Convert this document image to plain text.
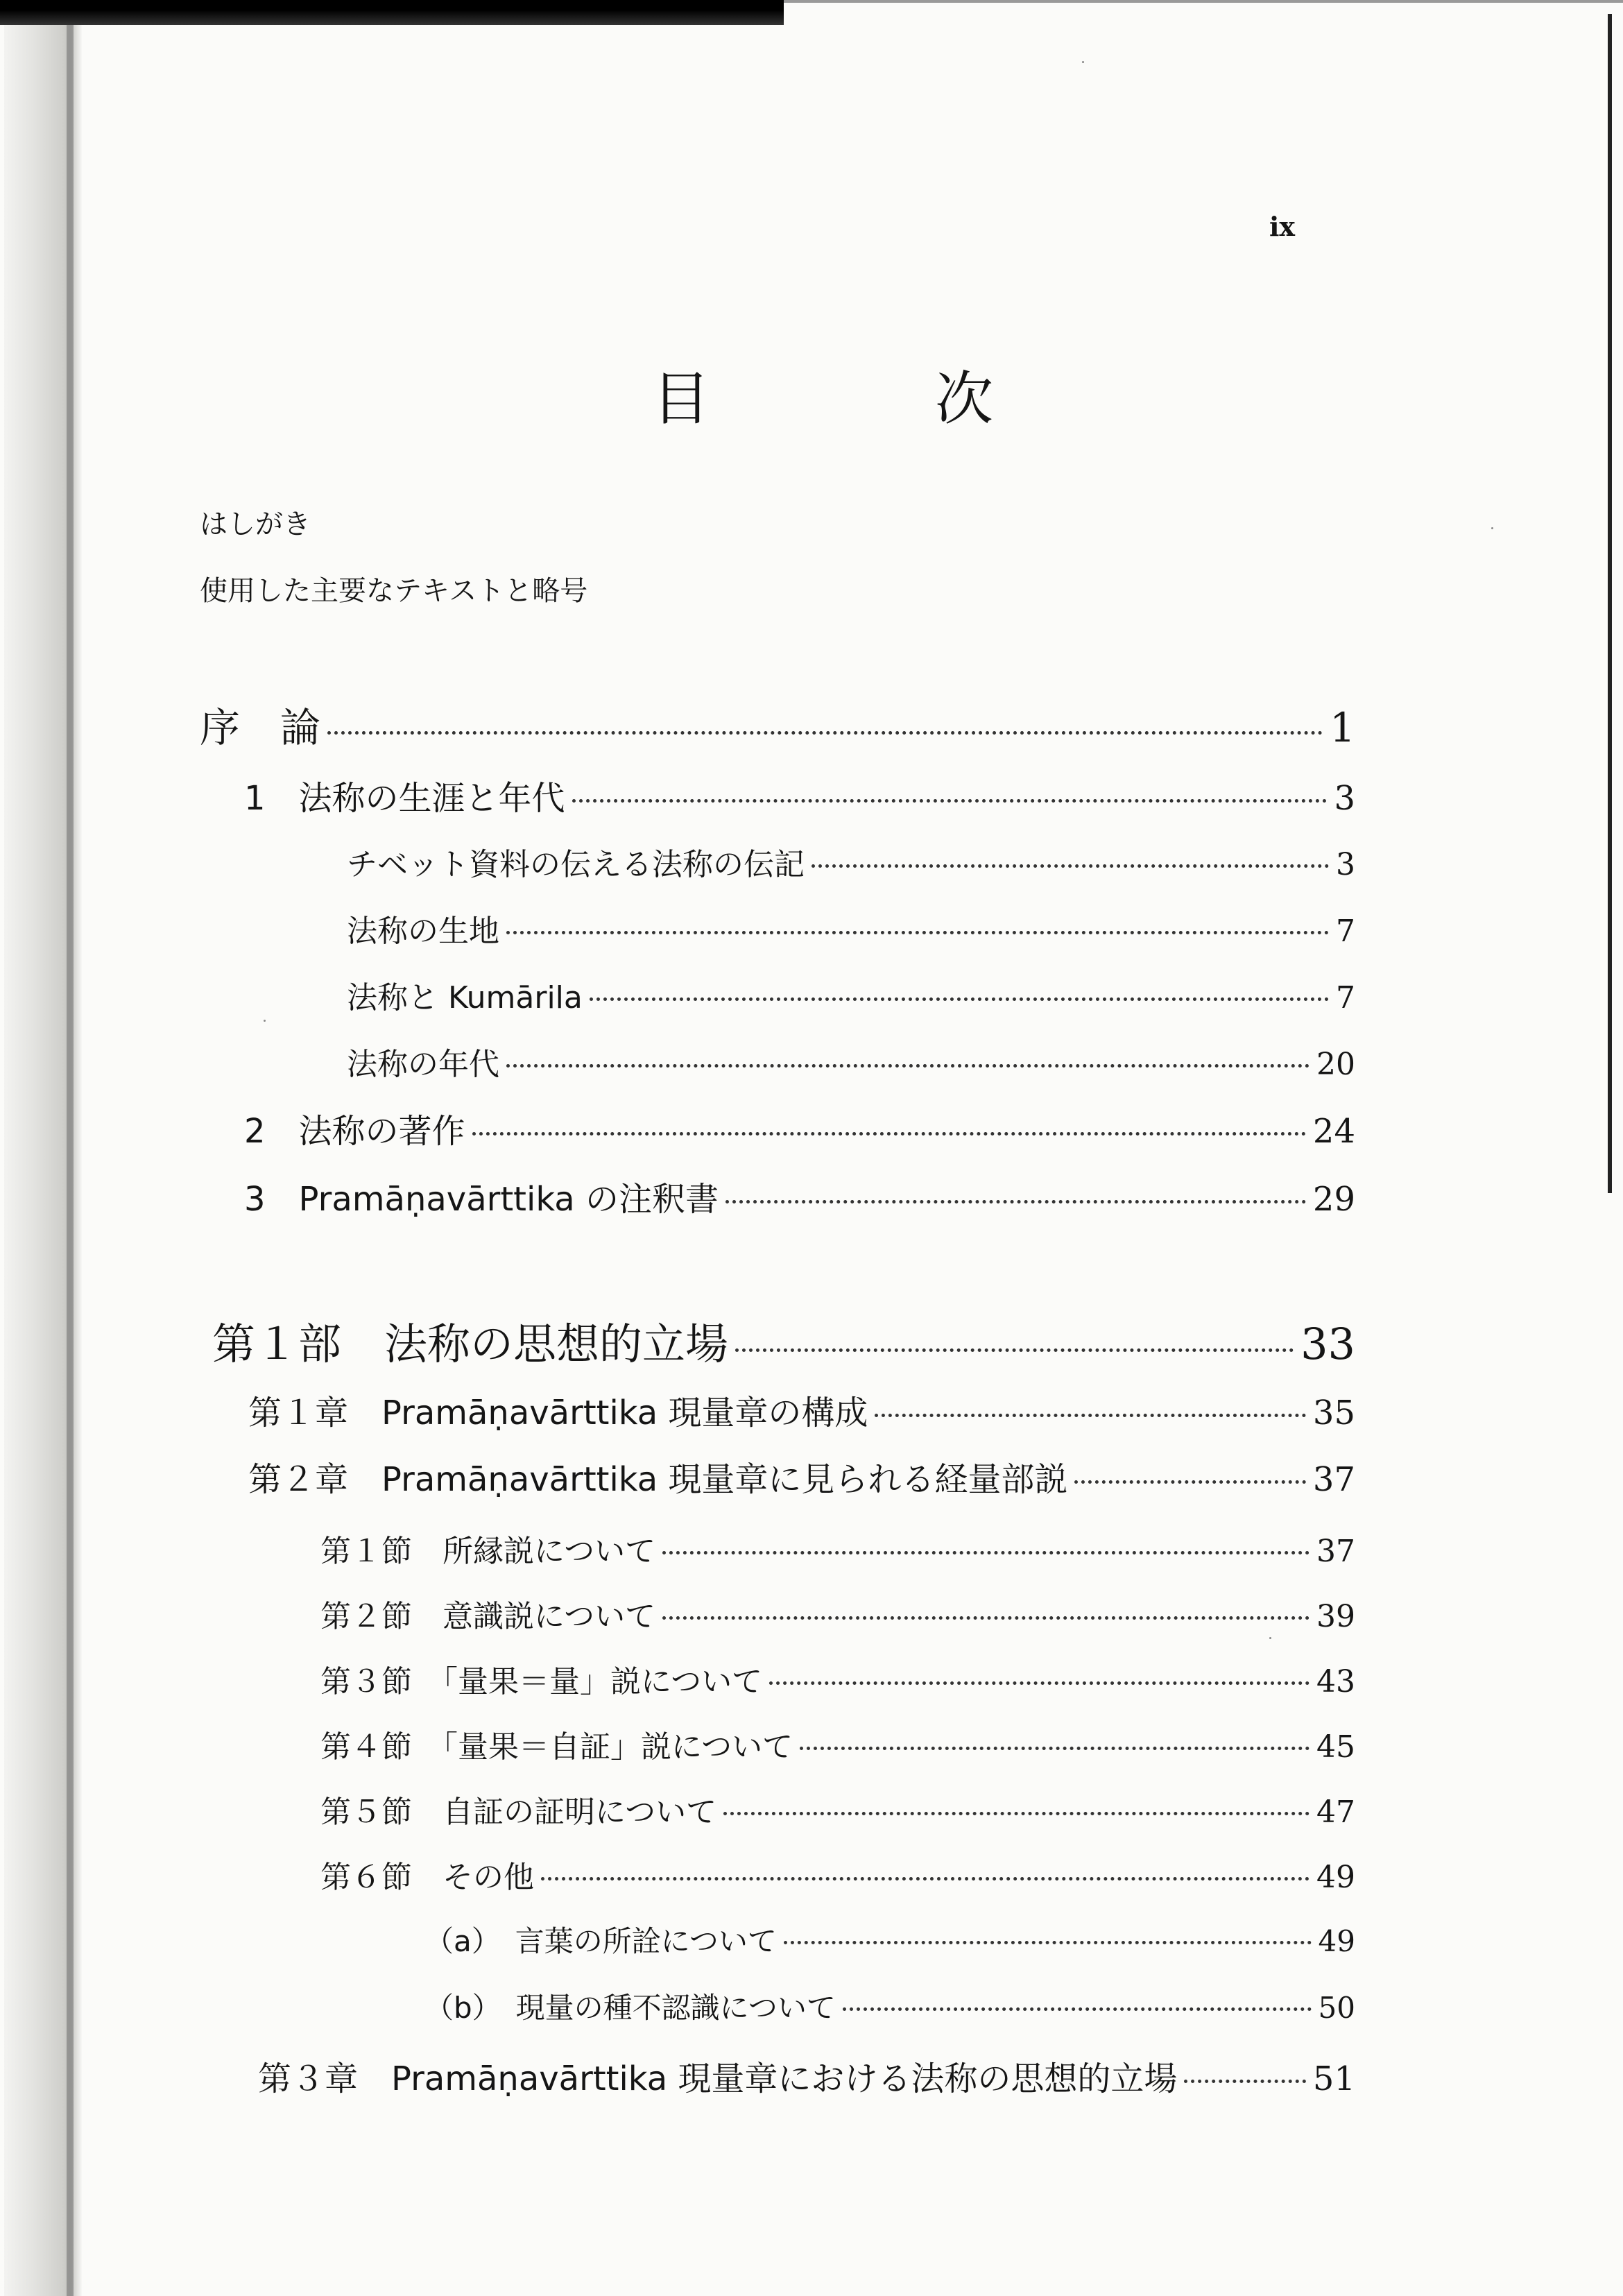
ix
目　次
はしがき
使用した主要なテキストと略号
序　論	1
1　法称の生涯と年代	3
チベット資料の伝える法称の伝記	3
法称の生地	7
法称と Kumārila	7
法称の年代	20
2　法称の著作	24
3　Pramāṇavārttika の注釈書	29
第１部　法称の思想的立場	33
第１章　Pramāṇavārttika 現量章の構成	35
第２章　Pramāṇavārttika 現量章に見られる経量部説	37
第１節　所縁説について	37
第２節　意識説について	39
第３節　「量果＝量」説について	43
第４節　「量果＝自証」説について	45
第５節　自証の証明について	47
第６節　その他	49
（a）　言葉の所詮について	49
（b）　現量の種不認識について	50
第３章　Pramāṇavārttika 現量章における法称の思想的立場	51
